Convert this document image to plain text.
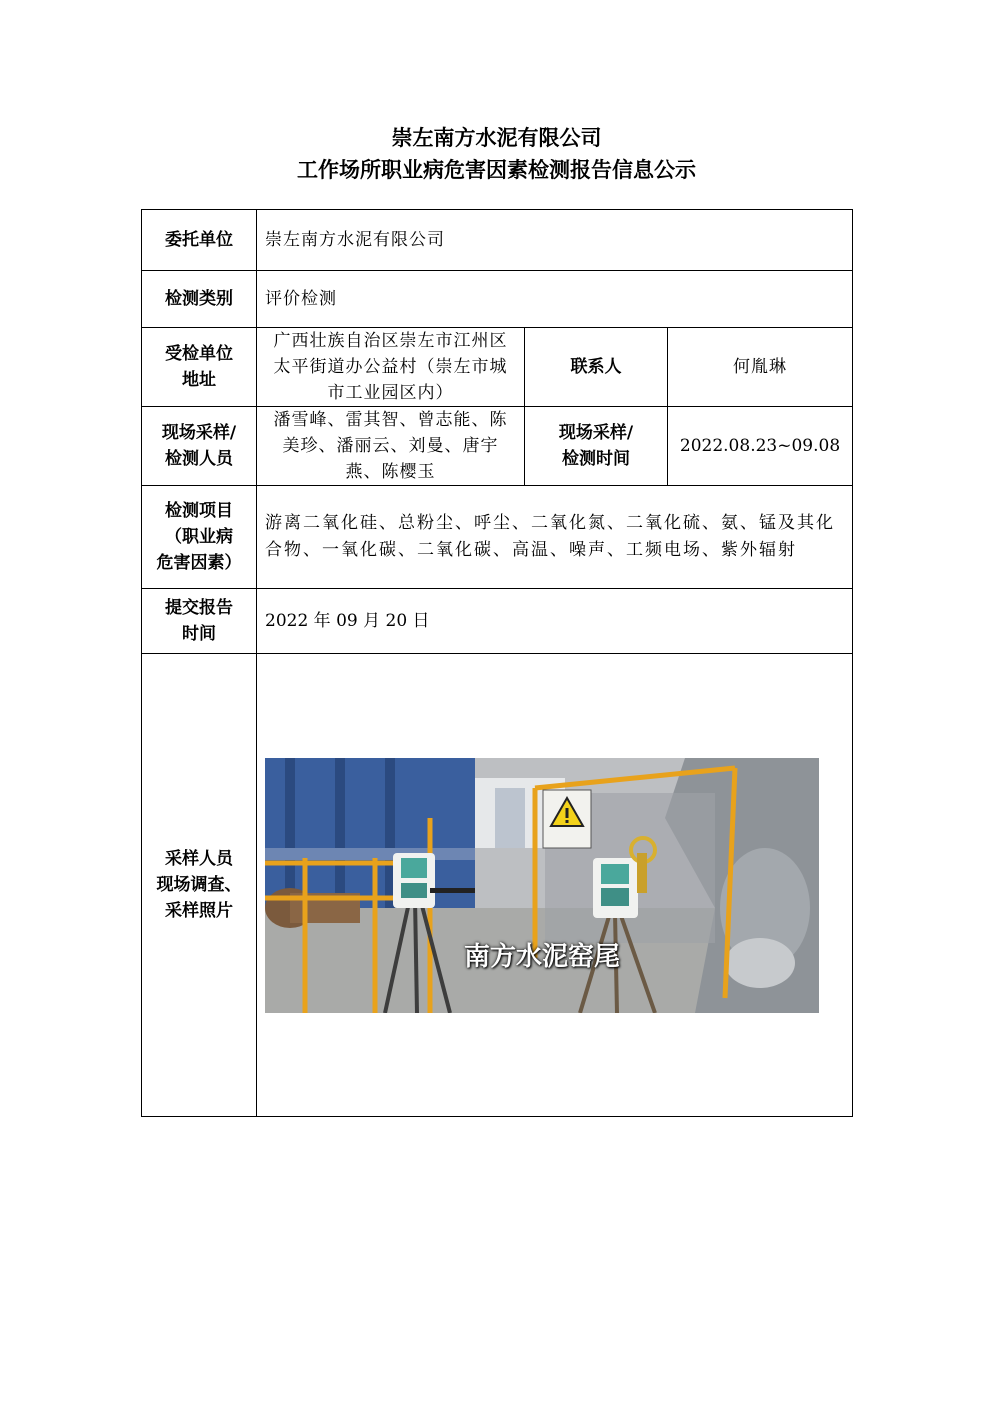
崇左南方水泥有限公司
工作场所职业病危害因素检测报告信息公示
委托单位	崇左南方水泥有限公司		
检测类别	评价检测		
受检单位
地址	广西壮族自治区崇左市江州区太平街道办公益村（崇左市城市工业园区内）	联系人	何胤琳
现场采样/
检测人员	潘雪峰、雷其智、曾志能、陈美珍、潘丽云、刘曼、唐宇燕、陈樱玉	现场采样/
检测时间	2022.08.23~09.08
检测项目
（职业病
危害因素）	游离二氧化硅、总粉尘、呼尘、二氧化氮、二氧化硫、氨、锰及其化合物、一氧化碳、二氧化碳、高温、噪声、工频电场、紫外辐射		
提交报告
时间	2022 年 09 月 20 日		
采样人员
现场调查、
采样照片	南方水泥窑尾		
